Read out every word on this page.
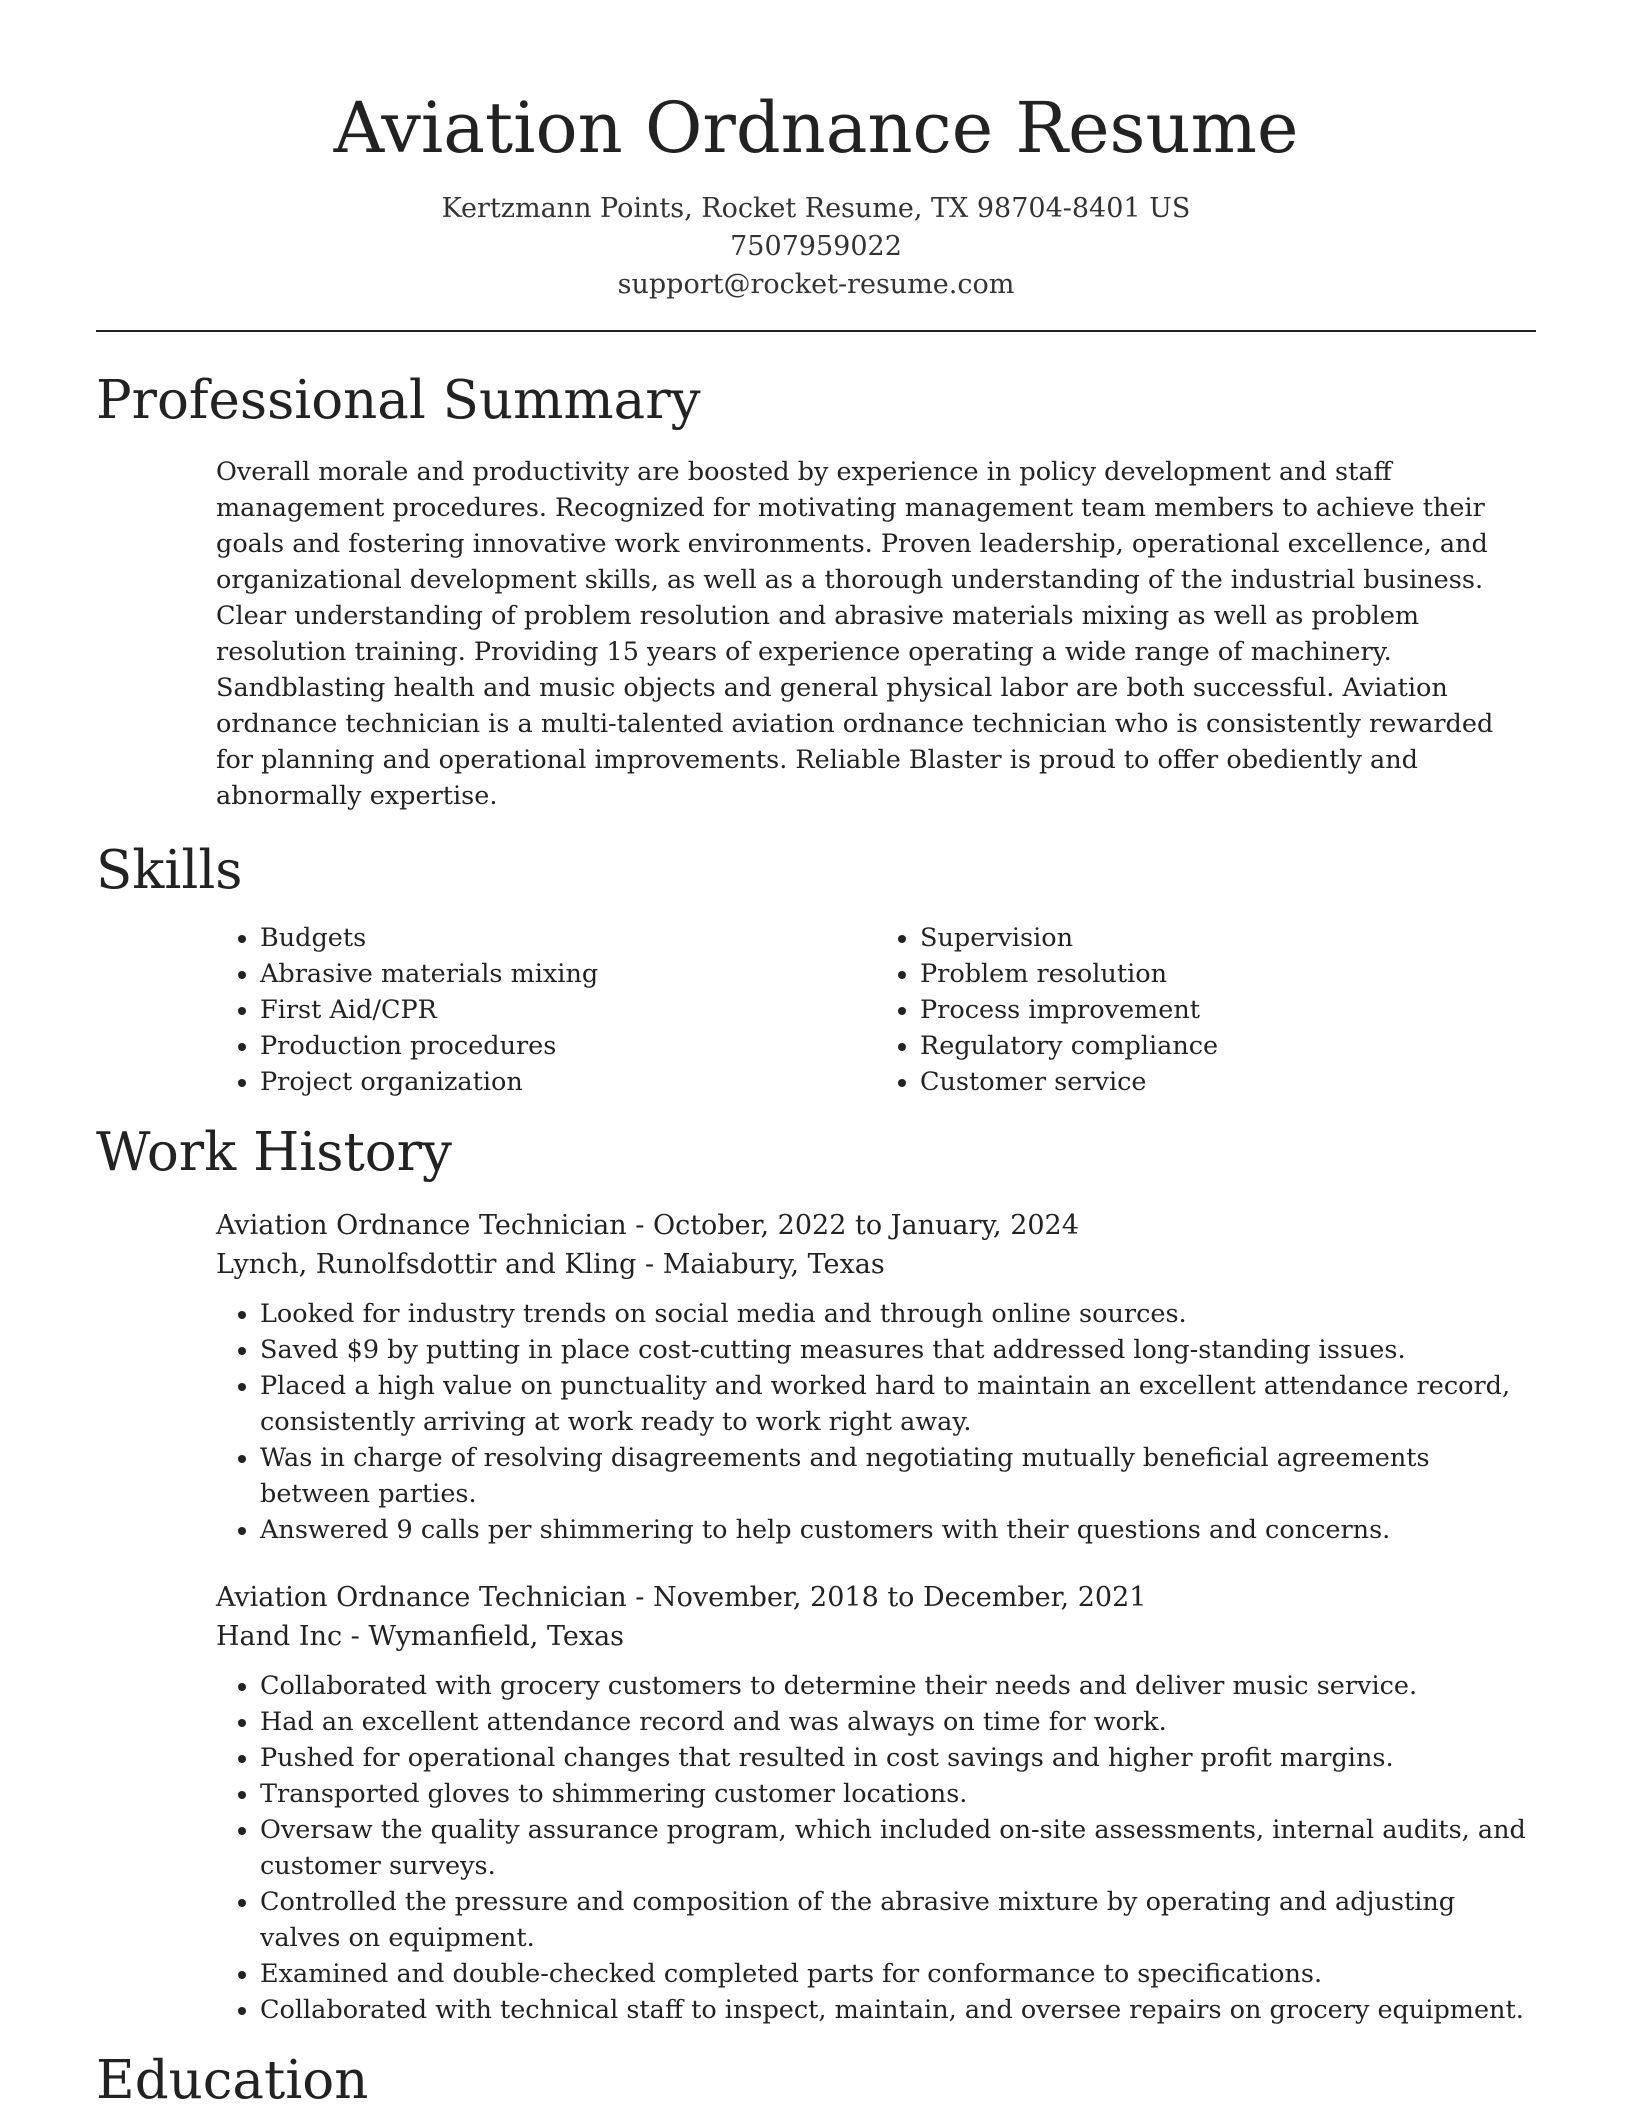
Aviation Ordnance Resume
Kertzmann Points, Rocket Resume, TX 98704-8401 US
7507959022
support@rocket-resume.com
Professional Summary
Overall morale and productivity are boosted by experience in policy development and staff management procedures. Recognized for motivating management team members to achieve their goals and fostering innovative work environments. Proven leadership, operational excellence, and organizational development skills, as well as a thorough understanding of the industrial business. Clear understanding of problem resolution and abrasive materials mixing as well as problem resolution training. Providing 15 years of experience operating a wide range of machinery. Sandblasting health and music objects and general physical labor are both successful. Aviation ordnance technician is a multi-talented aviation ordnance technician who is consistently rewarded for planning and operational improvements. Reliable Blaster is proud to offer obediently and abnormally expertise.
Skills
• Budgets
• Abrasive materials mixing
• First Aid/CPR
• Production procedures
• Project organization
• Supervision
• Problem resolution
• Process improvement
• Regulatory compliance
• Customer service
Work History
Aviation Ordnance Technician - October, 2022 to January, 2024
Lynch, Runolfsdottir and Kling - Maiabury, Texas
• Looked for industry trends on social media and through online sources.
• Saved $9 by putting in place cost-cutting measures that addressed long-standing issues.
• Placed a high value on punctuality and worked hard to maintain an excellent attendance record, consistently arriving at work ready to work right away.
• Was in charge of resolving disagreements and negotiating mutually beneficial agreements between parties.
• Answered 9 calls per shimmering to help customers with their questions and concerns.
Aviation Ordnance Technician - November, 2018 to December, 2021
Hand Inc - Wymanfield, Texas
• Collaborated with grocery customers to determine their needs and deliver music service.
• Had an excellent attendance record and was always on time for work.
• Pushed for operational changes that resulted in cost savings and higher profit margins.
• Transported gloves to shimmering customer locations.
• Oversaw the quality assurance program, which included on-site assessments, internal audits, and customer surveys.
• Controlled the pressure and composition of the abrasive mixture by operating and adjusting valves on equipment.
• Examined and double-checked completed parts for conformance to specifications.
• Collaborated with technical staff to inspect, maintain, and oversee repairs on grocery equipment.
Education
